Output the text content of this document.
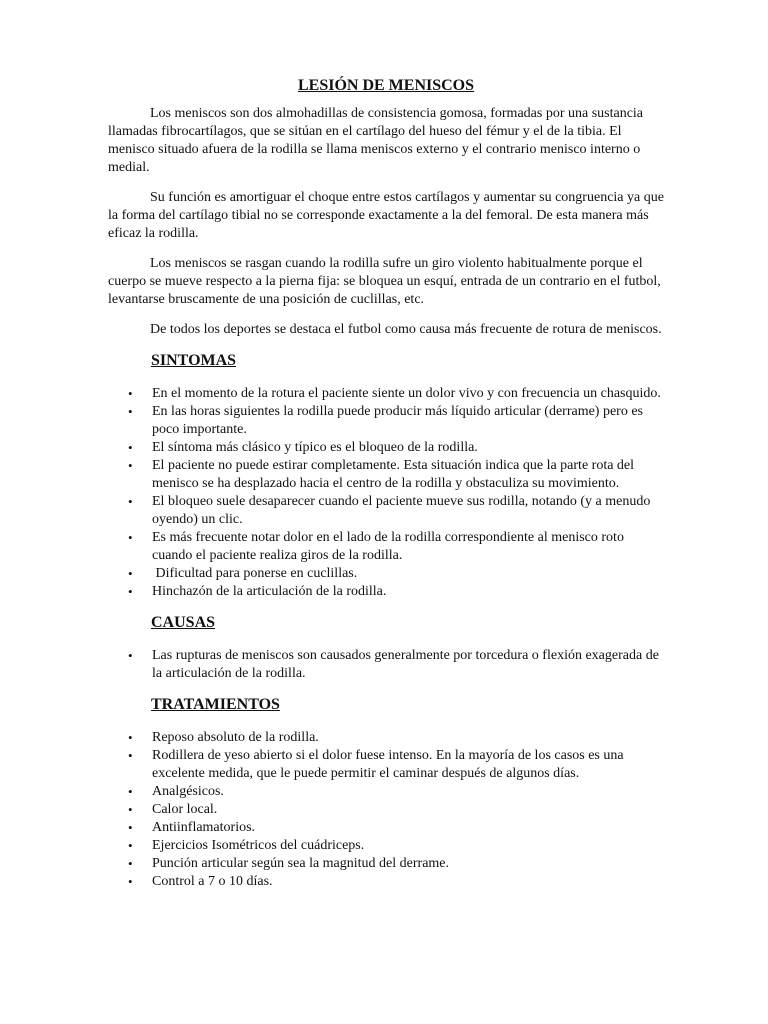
LESIÓN DE MENISCOS

Los meniscos son dos almohadillas de consistencia gomosa, formadas por una sustancia llamadas fibrocartílagos, que se sitúan en el cartílago del hueso del fémur y el de la tibia. El menisco situado afuera de la rodilla se llama meniscos externo y el contrario menisco interno o medial.

Su función es amortiguar el choque entre estos cartílagos y aumentar su congruencia ya que la forma del cartílago tibial no se corresponde exactamente a la del femoral. De esta manera más eficaz la rodilla.

Los meniscos se rasgan cuando la rodilla sufre un giro violento habitualmente porque el cuerpo se mueve respecto a la pierna fija: se bloquea un esquí, entrada de un contrario en el futbol, levantarse bruscamente de una posición de cuclillas, etc.

De todos los deportes se destaca el futbol como causa más frecuente de rotura de meniscos.

SINTOMAS
• En el momento de la rotura el paciente siente un dolor vivo y con frecuencia un chasquido.
• En las horas siguientes la rodilla puede producir más líquido articular (derrame) pero es poco importante.
• El síntoma más clásico y típico es el bloqueo de la rodilla.
• El paciente no puede estirar completamente. Esta situación indica que la parte rota del menisco se ha desplazado hacia el centro de la rodilla y obstaculiza su movimiento.
• El bloqueo suele desaparecer cuando el paciente mueve sus rodilla, notando (y a menudo oyendo) un clic.
• Es más frecuente notar dolor en el lado de la rodilla correspondiente al menisco roto cuando el paciente realiza giros de la rodilla.
• Dificultad para ponerse en cuclillas.
• Hinchazón de la articulación de la rodilla.
CAUSAS
• Las rupturas de meniscos son causados generalmente por torcedura o flexión exagerada de la articulación de la rodilla.
TRATAMIENTOS
• Reposo absoluto de la rodilla.
• Rodillera de yeso abierto si el dolor fuese intenso. En la mayoría de los casos es una excelente medida, que le puede permitir el caminar después de algunos días.
• Analgésicos.
• Calor local.
• Antiinflamatorios.
• Ejercicios Isométricos del cuádriceps.
• Punción articular según sea la magnitud del derrame.
• Control a 7 o 10 días.
